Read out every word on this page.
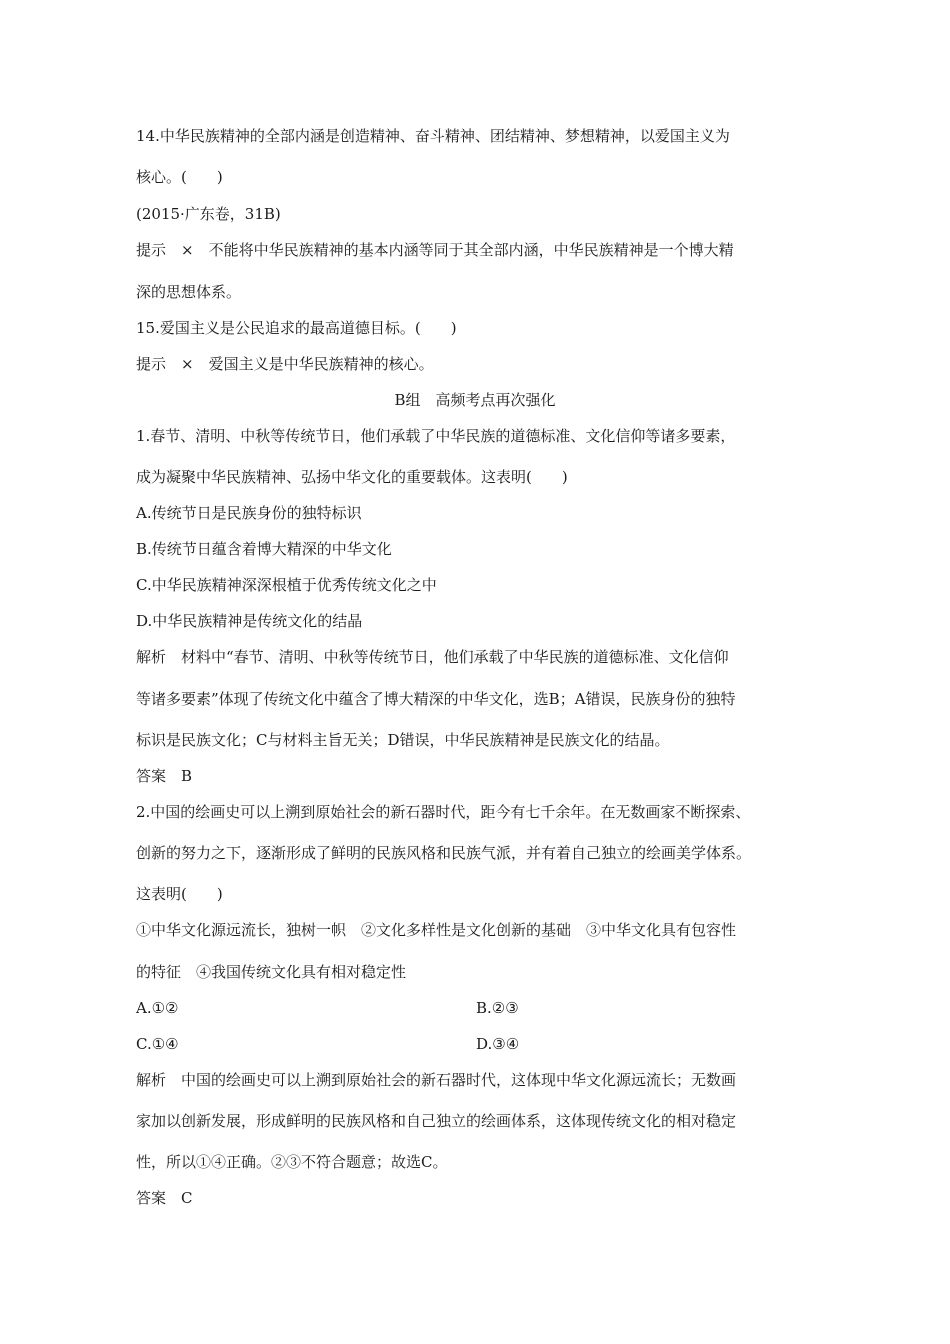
14.中华民族精神的全部内涵是创造精神、奋斗精神、团结精神、梦想精神，以爱国主义为

核心。(　　)

(2015·广东卷，31B)

提示　×　不能将中华民族精神的基本内涵等同于其全部内涵，中华民族精神是一个博大精

深的思想体系。

15.爱国主义是公民追求的最高道德目标。(　　)

提示　×　爱国主义是中华民族精神的核心。

B组　高频考点再次强化

1.春节、清明、中秋等传统节日，他们承载了中华民族的道德标准、文化信仰等诸多要素，

成为凝聚中华民族精神、弘扬中华文化的重要载体。这表明(　　)

A.传统节日是民族身份的独特标识

B.传统节日蕴含着博大精深的中华文化

C.中华民族精神深深根植于优秀传统文化之中

D.中华民族精神是传统文化的结晶

解析　材料中“春节、清明、中秋等传统节日，他们承载了中华民族的道德标准、文化信仰

等诸多要素”体现了传统文化中蕴含了博大精深的中华文化，选B；A错误，民族身份的独特

标识是民族文化；C与材料主旨无关；D错误，中华民族精神是民族文化的结晶。

答案　B

2.中国的绘画史可以上溯到原始社会的新石器时代，距今有七千余年。在无数画家不断探索、

创新的努力之下，逐渐形成了鲜明的民族风格和民族气派，并有着自己独立的绘画美学体系。

这表明(　　)

①中华文化源远流长，独树一帜　②文化多样性是文化创新的基础　③中华文化具有包容性

的特征　④我国传统文化具有相对稳定性

A.①②	B.②③

C.①④	D.③④

解析　中国的绘画史可以上溯到原始社会的新石器时代，这体现中华文化源远流长；无数画

家加以创新发展，形成鲜明的民族风格和自己独立的绘画体系，这体现传统文化的相对稳定

性，所以①④正确。②③不符合题意；故选C。

答案　C
